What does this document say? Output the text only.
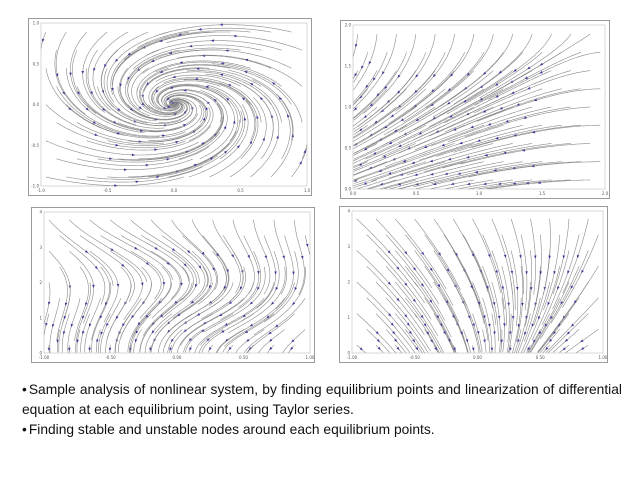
1.0
0.5
0.0
-0.5
-1.0
-1.0	-0.5	0.0	0.5	1.0
2.0
1.5
1.0
0.5
0.0
0.0	0.5	1.0	1.5	2.0
4
3
2
1
0
-1.00	-0.50	0.00	0.50	1.00
4
3
2
1
0
-1.00	-0.50	0.00	0.50	1.00

• Sample analysis of nonlinear system, by finding equilibrium points and linearization of differential equation at each equilibrium point, using Taylor series.

• Finding stable and unstable nodes around each equilibrium points.
